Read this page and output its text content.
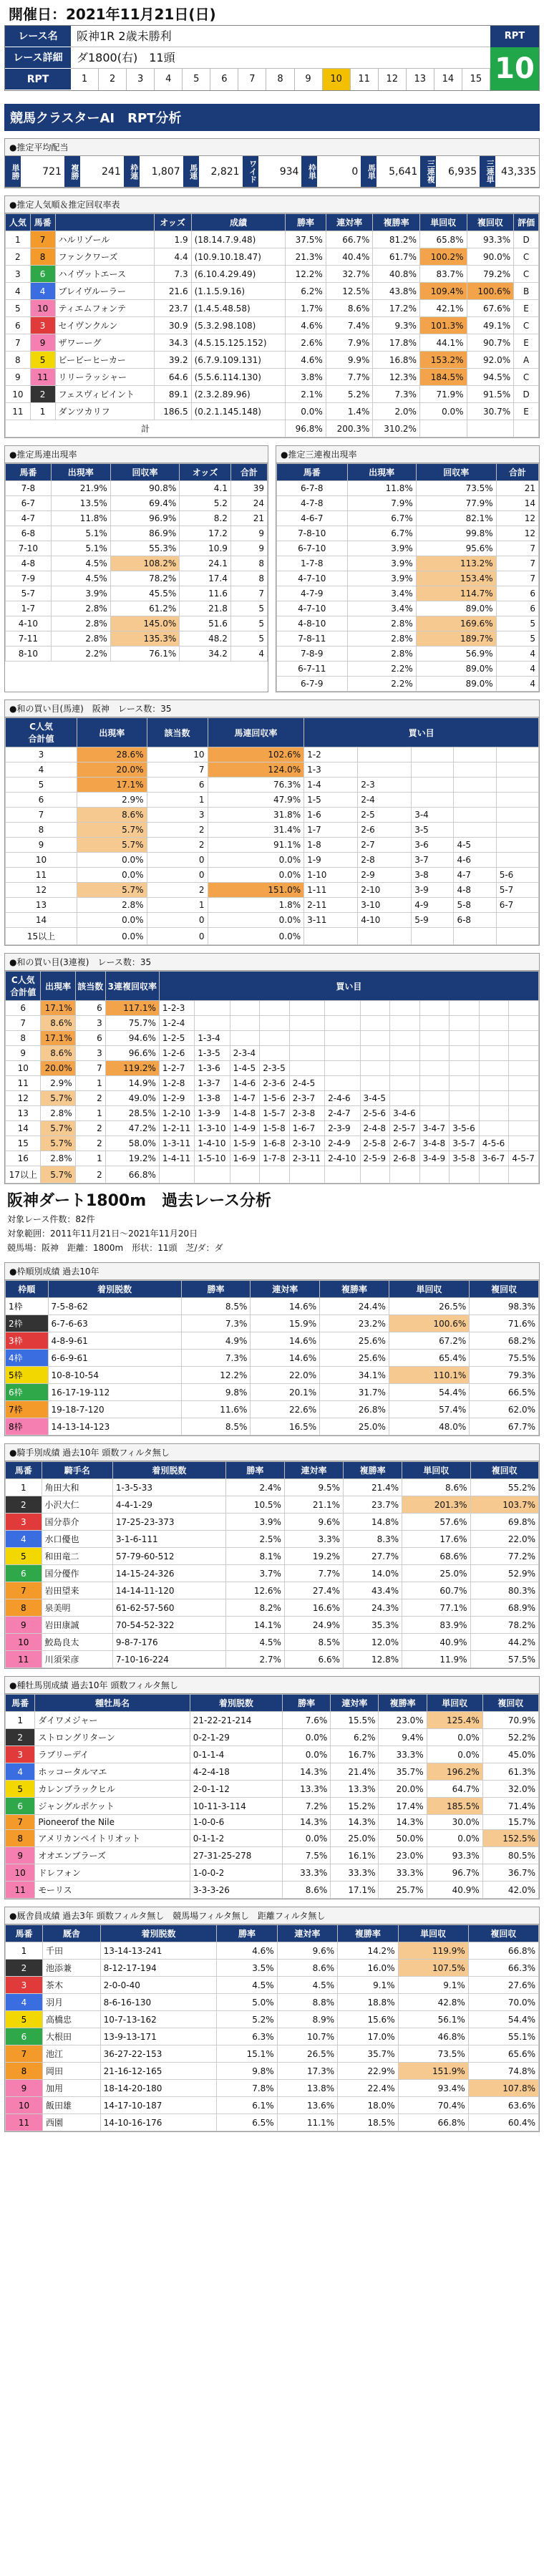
開催日：2021年11月21日(日)
レース名	阪神1R 2歳未勝利	RPT
レース詳細	ダ1800(右)　11頭	10
RPT	1	2	3	4	5	6	7	8	9	10	11	12	13	14	15
競馬クラスターAI　RPT分析
●推定平均配当
単勝	721	複勝	241	枠連	1,807	馬連	2,821	ワイド	934	枠単	0	馬単	5,641	三連複	6,935	三連単 43,335
●推定人気順＆推定回収率表
人気	馬番		オッズ	成績	勝率	連対率	複勝率	単回収	複回収	評価
1	7	ハルリゾール	1.9	(18.14.7.9.48)	37.5%	66.7%	81.2%	65.8%	93.3%	D
2	8	ファンクワーズ	4.4	(10.9.10.18.47)	21.3%	40.4%	61.7%	100.2%	90.0%	C
3	6	ハイヴットエース	7.3	(6.10.4.29.49)	12.2%	32.7%	40.8%	83.7%	79.2%	C
4	4	ブレイヴルーラー	21.6	(1.1.5.9.16)	6.2%	12.5%	43.8%	109.4%	100.6%	B
5	10	ティエムフォンテ	23.7	(1.4.5.48.58)	1.7%	8.6%	17.2%	42.1%	67.6%	E
6	3	セイヴンクルン	30.9	(5.3.2.98.108)	4.6%	7.4%	9.3%	101.3%	49.1%	C
7	9	ザワーーグ	34.3	(4.5.15.125.152)	2.6%	7.9%	17.8%	44.1%	90.7%	E
8	5	ビービーヒーカー	39.2	(6.7.9.109.131)	4.6%	9.9%	16.8%	153.2%	92.0%	A
9	11	リリーラッシャー	64.6	(5.5.6.114.130)	3.8%	7.7%	12.3%	184.5%	94.5%	C
10	2	フェスヴィビイント	89.1	(2.3.2.89.96)	2.1%	5.2%	7.3%	71.9%	91.5%	D
11	1	ダンツカリフ	186.5	(0.2.1.145.148)	0.0%	1.4%	2.0%	0.0%	30.7%	E
計					96.8%	200.3%	310.2%			
●推定馬連出現率
馬番	出現率	回収率	オッズ	合計
7-8	21.9%	90.8%	4.1	39
6-7	13.5%	69.4%	5.2	24
4-7	11.8%	96.9%	8.2	21
6-8	5.1%	86.9%	17.2	9
7-10	5.1%	55.3%	10.9	9
4-8	4.5%	108.2%	24.1	8
7-9	4.5%	78.2%	17.4	8
5-7	3.9%	45.5%	11.6	7
1-7	2.8%	61.2%	21.8	5
4-10	2.8%	145.0%	51.6	5
7-11	2.8%	135.3%	48.2	5
8-10	2.2%	76.1%	34.2	4
●推定三連複出現率
馬番	出現率	回収率	合計
6-7-8	11.8%	73.5%	21
4-7-8	7.9%	77.9%	14
4-6-7	6.7%	82.1%	12
7-8-10	6.7%	99.8%	12
6-7-10	3.9%	95.6%	7
1-7-8	3.9%	113.2%	7
4-7-10	3.9%	153.4%	7
4-7-9	3.4%	114.7%	6
4-7-10	3.4%	89.0%	6
4-8-10	2.8%	169.6%	5
7-8-11	2.8%	189.7%	5
7-8-9	2.8%	56.9%	4
6-7-11	2.2%	89.0%	4
6-7-9	2.2%	89.0%	4
●和の買い目(馬連)　阪神　レース数：35
C人気
合計値	出現率	該当数	馬連回収率	買い目				
3	28.6%	10	102.6%	1-2				
4	20.0%	7	124.0%	1-3				
5	17.1%	6	76.3%	1-4	2-3			
6	2.9%	1	47.9%	1-5	2-4			
7	8.6%	3	31.8%	1-6	2-5	3-4		
8	5.7%	2	31.4%	1-7	2-6	3-5		
9	5.7%	2	91.1%	1-8	2-7	3-6	4-5	
10	0.0%	0	0.0%	1-9	2-8	3-7	4-6	
11	0.0%	0	0.0%	1-10	2-9	3-8	4-7	5-6
12	5.7%	2	151.0%	1-11	2-10	3-9	4-8	5-7
13	2.8%	1	1.8%	2-11	3-10	4-9	5-8	6-7
14	0.0%	0	0.0%	3-11	4-10	5-9	6-8	
15以上	0.0%	0	0.0%					
●和の買い目(3連複)　レース数：35
C人気
合計値	出現率	該当数	3連複回収率	買い目											
6	17.1%	6	117.1%	1-2-3											
7	8.6%	3	75.7%	1-2-4											
8	17.1%	6	94.6%	1-2-5	1-3-4										
9	8.6%	3	96.6%	1-2-6	1-3-5	2-3-4									
10	20.0%	7	119.2%	1-2-7	1-3-6	1-4-5	2-3-5								
11	2.9%	1	14.9%	1-2-8	1-3-7	1-4-6	2-3-6	2-4-5							
12	5.7%	2	49.0%	1-2-9	1-3-8	1-4-7	1-5-6	2-3-7	2-4-6	3-4-5					
13	2.8%	1	28.5%	1-2-10	1-3-9	1-4-8	1-5-7	2-3-8	2-4-7	2-5-6	3-4-6				
14	5.7%	2	47.2%	1-2-11	1-3-10	1-4-9	1-5-8	1-6-7	2-3-9	2-4-8	2-5-7	3-4-7	3-5-6		
15	5.7%	2	58.0%	1-3-11	1-4-10	1-5-9	1-6-8	2-3-10	2-4-9	2-5-8	2-6-7	3-4-8	3-5-7	4-5-6	
16	2.8%	1	19.2%	1-4-11	1-5-10	1-6-9	1-7-8	2-3-11	2-4-10	2-5-9	2-6-8	3-4-9	3-5-8	3-6-7	4-5-7
17以上	5.7%	2	66.8%												
阪神ダート1800m　過去レース分析
対象レース件数：82件
対象範囲：2011年11月21日〜2021年11月20日
競馬場：阪神　距離：1800m　形状：11頭　芝/ダ：ダ
●枠順別成績 過去10年
枠順	着別脱数	勝率	連対率	複勝率	単回収	複回収
1枠	7-5-8-62	8.5%	14.6%	24.4%	26.5%	98.3%
2枠	6-7-6-63	7.3%	15.9%	23.2%	100.6%	71.6%
3枠	4-8-9-61	4.9%	14.6%	25.6%	67.2%	68.2%
4枠	6-6-9-61	7.3%	14.6%	25.6%	65.4%	75.5%
5枠	10-8-10-54	12.2%	22.0%	34.1%	110.1%	79.3%
6枠	16-17-19-112	9.8%	20.1%	31.7%	54.4%	66.5%
7枠	19-18-7-120	11.6%	22.6%	26.8%	57.4%	62.0%
8枠	14-13-14-123	8.5%	16.5%	25.0%	48.0%	67.7%
●騎手別成績 過去10年 頭数フィルタ無し
馬番	騎手名	着別脱数	勝率	連対率	複勝率	単回収	複回収
1	角田大和	1-3-5-33	2.4%	9.5%	21.4%	8.6%	55.2%
2	小沢大仁	4-4-1-29	10.5%	21.1%	23.7%	201.3%	103.7%
3	国分恭介	17-25-23-373	3.9%	9.6%	14.8%	57.6%	69.8%
4	水口優也	3-1-6-111	2.5%	3.3%	8.3%	17.6%	22.0%
5	和田竜二	57-79-60-512	8.1%	19.2%	27.7%	68.6%	77.2%
6	国分優作	14-15-24-326	3.7%	7.7%	14.0%	25.0%	52.9%
7	岩田望来	14-14-11-120	12.6%	27.4%	43.4%	60.7%	80.3%
8	泉美明	61-62-57-560	8.2%	16.6%	24.3%	77.1%	68.9%
9	岩田康誠	70-54-52-322	14.1%	24.9%	35.3%	83.9%	78.2%
10	鮫島良太	9-8-7-176	4.5%	8.5%	12.0%	40.9%	44.2%
11	川須栄彦	7-10-16-224	2.7%	6.6%	12.8%	11.9%	57.5%
●種牡馬別成績 過去10年 頭数フィルタ無し
馬番	種牡馬名	着別脱数	勝率	連対率	複勝率	単回収	複回収
1	ダイワメジャー	21-22-21-214	7.6%	15.5%	23.0%	125.4%	70.9%
2	ストロングリターン	0-2-1-29	0.0%	6.2%	9.4%	0.0%	52.2%
3	ラブリーデイ	0-1-1-4	0.0%	16.7%	33.3%	0.0%	45.0%
4	ホッコータルマエ	4-2-4-18	14.3%	21.4%	35.7%	196.2%	61.3%
5	カレンブラックヒル	2-0-1-12	13.3%	13.3%	20.0%	64.7%	32.0%
6	ジャングルポケット	10-11-3-114	7.2%	15.2%	17.4%	185.5%	71.4%
7	Pioneerof the Nile	1-0-0-6	14.3%	14.3%	14.3%	30.0%	15.7%
8	アメリカンペイトリオット	0-1-1-2	0.0%	25.0%	50.0%	0.0%	152.5%
9	オオエンブラーズ	27-31-25-278	7.5%	16.1%	23.0%	93.3%	80.5%
10	ドレフォン	1-0-0-2	33.3%	33.3%	33.3%	96.7%	36.7%
11	モーリス	3-3-3-26	8.6%	17.1%	25.7%	40.9%	42.0%
●厩舎員成績 過去3年 頭数フィルタ無し　競馬場フィルタ無し　距離フィルタ無し
馬番	厩舎	着別脱数	勝率	連対率	複勝率	単回収	複回収
1	千田	13-14-13-241	4.6%	9.6%	14.2%	119.9%	66.8%
2	池添兼	8-12-17-194	3.5%	8.6%	16.0%	107.5%	66.3%
3	茶木	2-0-0-40	4.5%	4.5%	9.1%	9.1%	27.6%
4	羽月	8-6-16-130	5.0%	8.8%	18.8%	42.8%	70.0%
5	高橋忠	10-7-13-162	5.2%	8.9%	15.6%	56.1%	54.4%
6	大根田	13-9-13-171	6.3%	10.7%	17.0%	46.8%	55.1%
7	池江	36-27-22-153	15.1%	26.5%	35.7%	73.5%	65.6%
8	岡田	21-16-12-165	9.8%	17.3%	22.9%	151.9%	74.8%
9	加用	18-14-20-180	7.8%	13.8%	22.4%	93.4%	107.8%
10	飯田雄	14-17-10-187	6.1%	13.6%	18.0%	70.4%	63.6%
11	西園	14-10-16-176	6.5%	11.1%	18.5%	66.8%	60.4%
